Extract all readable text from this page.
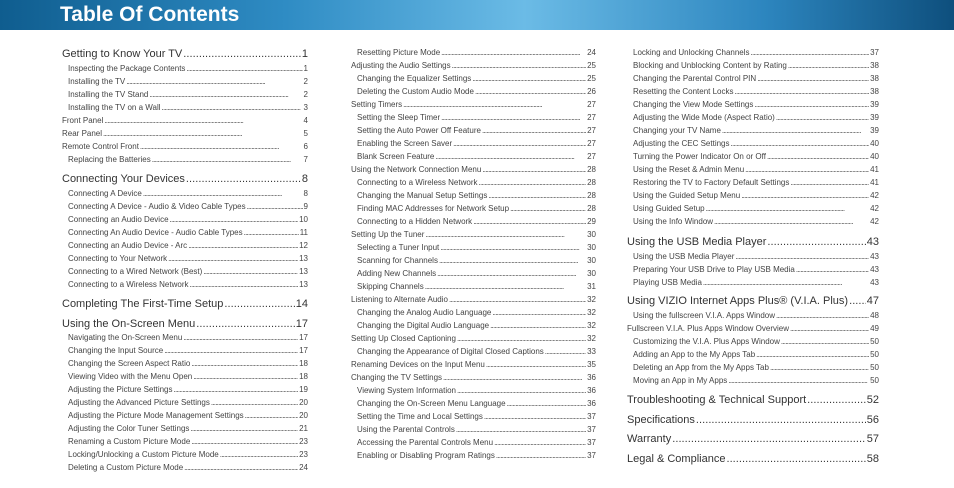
Table Of Contents
Getting to Know Your TV . . .	1
Inspecting the Package Contents . . .	1
Installing the TV . . .	2
Installing the TV Stand . . .	2
Installing the TV on a Wall . . .	3
Front Panel . . .	4
Rear Panel . . .	5
Remote Control Front . . .	6
Replacing the Batteries . . .	7
Connecting Your Devices . . .	8
Connecting A Device . . .	8
Connecting A Device - Audio & Video Cable Types . . .	9
Connecting an Audio Device . . .	10
Connecting An Audio Device - Audio Cable Types . . .	11
Connecting an Audio Device - Arc . . .	12
Connecting to Your Network . . .	13
Connecting to a Wired Network (Best) . . .	13
Connecting to a Wireless Network . . .	13
Completing The First-Time Setup . . .	14
Using the On-Screen Menu . . .	17
Navigating the On-Screen Menu . . .	17
Changing the Input Source . . .	17
Changing the Screen Aspect Ratio . . .	18
Viewing Video with the Menu Open . . .	18
Adjusting the Picture Settings . . .	19
Adjusting the Advanced Picture Settings . . .	20
Adjusting the Picture Mode Management Settings . . .	20
Adjusting the Color Tuner Settings . . .	21
Renaming a Custom Picture Mode . . .	23
Locking/Unlocking a Custom Picture Mode . . .	23
Deleting a Custom Picture Mode . . .	24
Resetting Picture Mode . . .	24
Adjusting the Audio Settings . . .	25
Changing the Equalizer Settings . . .	25
Deleting the Custom Audio Mode . . .	26
Setting Timers . . .	27
Setting the Sleep Timer . . .	27
Setting the Auto Power Off Feature . . .	27
Enabling the Screen Saver . . .	27
Blank Screen Feature . . .	27
Using the Network Connection Menu . . .	28
Connecting to a Wireless Network . . .	28
Changing the Manual Setup Settings . . .	28
Finding MAC Addresses for Network Setup . . .	28
Connecting to a Hidden Network . . .	29
Setting Up the Tuner . . .	30
Selecting a Tuner Input . . .	30
Scanning for Channels . . .	30
Adding New Channels . . .	30
Skipping Channels . . .	31
Listening to Alternate Audio . . .	32
Changing the Analog Audio Language . . .	32
Changing the Digital Audio Language . . .	32
Setting Up Closed Captioning . . .	32
Changing the Appearance of Digital Closed Captions . . .	33
Renaming Devices on the Input Menu . . .	35
Changing the TV Settings . . .	36
Viewing System Information . . .	36
Changing the On-Screen Menu Language . . .	36
Setting the Time and Local Settings . . .	37
Using the Parental Controls . . .	37
Accessing the Parental Controls Menu . . .	37
Enabling or Disabling Program Ratings . . .	37
Locking and Unlocking Channels . . .	37
Blocking and Unblocking Content by Rating . . .	38
Changing the Parental Control PIN . . .	38
Resetting the Content Locks . . .	38
Changing the View Mode Settings . . .	39
Adjusting the Wide Mode (Aspect Ratio) . . .	39
Changing your TV Name . . .	39
Adjusting the CEC Settings . . .	40
Turning the Power Indicator On or Off . . .	40
Using the Reset & Admin Menu . . .	41
Restoring the TV to Factory Default Settings . . .	41
Using the Guided Setup Menu . . .	42
Using Guided Setup . . .	42
Using the Info Window . . .	42
Using the USB Media Player . . .	43
Using the USB Media Player . . .	43
Preparing Your USB Drive to Play USB Media . . .	43
Playing USB Media . . .	43
Using VIZIO Internet Apps Plus® (V.I.A. Plus) . . . 47
Using the fullscreen V.I.A. Apps Window . . .	48
Fullscreen V.I.A. Plus Apps Window Overview . . .	49
Customizing the V.I.A. Plus Apps Window . . .	50
Adding an App to the My Apps Tab . . .	50
Deleting an App from the My Apps Tab . . .	50
Moving an App in My Apps . . .	50
Troubleshooting & Technical Support . . .	52
Specifications . . .	56
Warranty . . .	57
Legal & Compliance . . .	58
